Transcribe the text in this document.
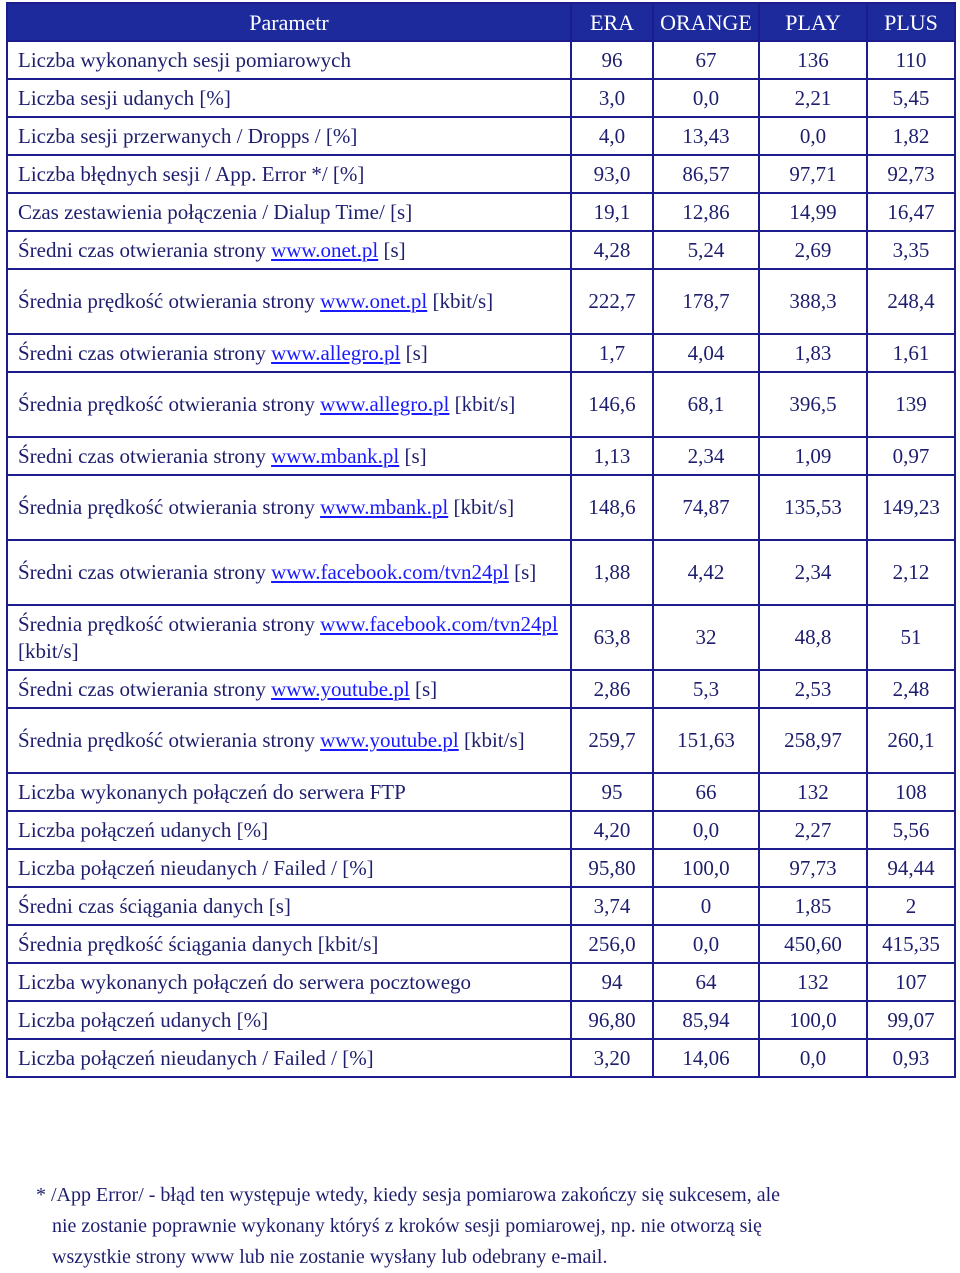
Parametr	ERA	ORANGE	PLAY	PLUS
Liczba wykonanych sesji pomiarowych	96	67	136	110
Liczba sesji udanych [%]	3,0	0,0	2,21	5,45
Liczba sesji przerwanych / Dropps / [%]	4,0	13,43	0,0	1,82
Liczba błędnych sesji / App. Error */ [%]	93,0	86,57	97,71	92,73
Czas zestawienia połączenia / Dialup Time/ [s]	19,1	12,86	14,99	16,47
Średni czas otwierania strony www.onet.pl [s]	4,28	5,24	2,69	3,35
Średnia prędkość otwierania strony www.onet.pl [kbit/s]	222,7	178,7	388,3	248,4
Średni czas otwierania strony www.allegro.pl [s]	1,7	4,04	1,83	1,61
Średnia prędkość otwierania strony www.allegro.pl [kbit/s]	146,6	68,1	396,5	139
Średni czas otwierania strony www.mbank.pl [s]	1,13	2,34	1,09	0,97
Średnia prędkość otwierania strony www.mbank.pl [kbit/s]	148,6	74,87	135,53	149,23
Średni czas otwierania strony www.facebook.com/tvn24pl [s]	1,88	4,42	2,34	2,12
Średnia prędkość otwierania strony www.facebook.com/tvn24pl [kbit/s]	63,8	32	48,8	51
Średni czas otwierania strony www.youtube.pl [s]	2,86	5,3	2,53	2,48
Średnia prędkość otwierania strony www.youtube.pl [kbit/s]	259,7	151,63	258,97	260,1
Liczba wykonanych połączeń do serwera FTP	95	66	132	108
Liczba połączeń udanych [%]	4,20	0,0	2,27	5,56
Liczba połączeń nieudanych / Failed / [%]	95,80	100,0	97,73	94,44
Średni czas ściągania danych [s]	3,74	0	1,85	2
Średnia prędkość ściągania danych [kbit/s]	256,0	0,0	450,60	415,35
Liczba wykonanych połączeń do serwera pocztowego	94	64	132	107
Liczba połączeń udanych [%]	96,80	85,94	100,0	99,07
Liczba połączeń nieudanych / Failed / [%]	3,20	14,06	0,0	0,93
* /App Error/ - błąd ten występuje wtedy, kiedy sesja pomiarowa zakończy się sukcesem, ale
nie zostanie poprawnie wykonany któryś z kroków sesji pomiarowej, np. nie otworzą się
wszystkie strony www lub nie zostanie wysłany lub odebrany e-mail.
